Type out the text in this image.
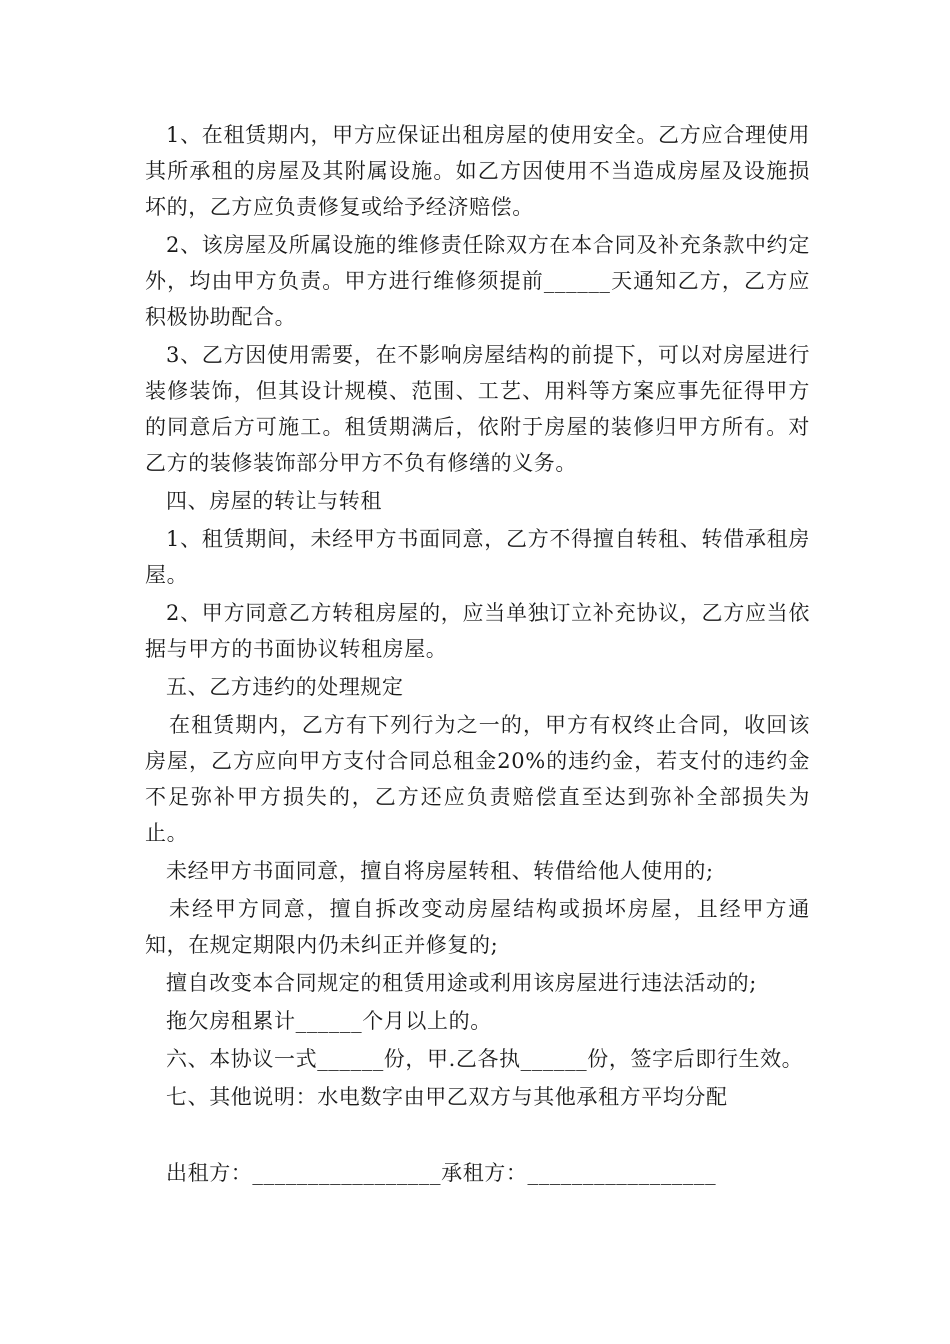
1、在租赁期内，甲方应保证出租房屋的使用安全。乙方应合理使用其所承租的房屋及其附属设施。如乙方因使用不当造成房屋及设施损坏的，乙方应负责修复或给予经济赔偿。

2、该房屋及所属设施的维修责任除双方在本合同及补充条款中约定外，均由甲方负责。甲方进行维修须提前______天通知乙方，乙方应积极协助配合。

3、乙方因使用需要，在不影响房屋结构的前提下，可以对房屋进行装修装饰，但其设计规模、范围、工艺、用料等方案应事先征得甲方的同意后方可施工。租赁期满后，依附于房屋的装修归甲方所有。对乙方的装修装饰部分甲方不负有修缮的义务。

四、房屋的转让与转租

1、租赁期间，未经甲方书面同意，乙方不得擅自转租、转借承租房屋。

2、甲方同意乙方转租房屋的，应当单独订立补充协议，乙方应当依据与甲方的书面协议转租房屋。

五、乙方违约的处理规定

在租赁期内，乙方有下列行为之一的，甲方有权终止合同，收回该房屋，乙方应向甲方支付合同总租金20%的违约金，若支付的违约金不足弥补甲方损失的，乙方还应负责赔偿直至达到弥补全部损失为止。

未经甲方书面同意，擅自将房屋转租、转借给他人使用的;

未经甲方同意，擅自拆改变动房屋结构或损坏房屋，且经甲方通知，在规定期限内仍未纠正并修复的;

擅自改变本合同规定的租赁用途或利用该房屋进行违法活动的;

拖欠房租累计______个月以上的。

六、本协议一式______份，甲.乙各执______份，签字后即行生效。

七、其他说明：水电数字由甲乙双方与其他承租方平均分配

出租方：_________________承租方：_________________
